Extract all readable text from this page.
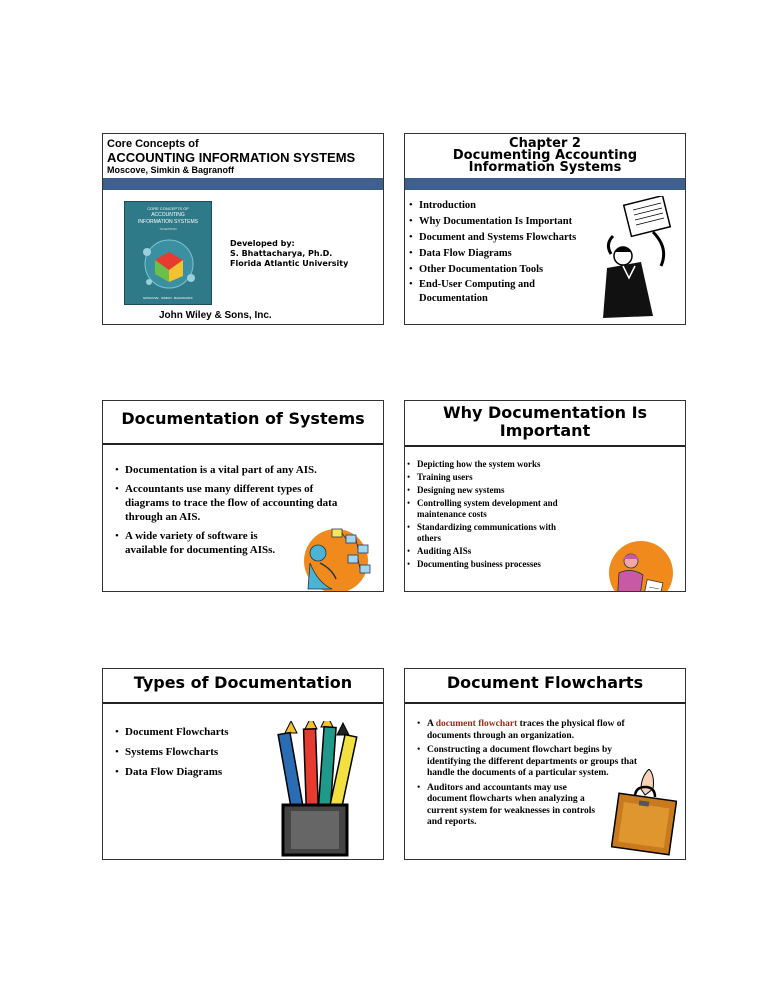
Core Concepts of
ACCOUNTING INFORMATION SYSTEMS
Moscove, Simkin & Bagranoff
CORE CONCEPTS OF
ACCOUNTING
INFORMATION SYSTEMS
7th EDITION
MOSCOVE · SIMKIN · BAGRANOFF
Developed by:
S. Bhattacharya, Ph.D.
Florida Atlantic University
John Wiley & Sons, Inc.
Chapter 2
Documenting Accounting
Information Systems
• Introduction
• Why Documentation Is Important
• Document and Systems Flowcharts
• Data Flow Diagrams
• Other Documentation Tools
• End-User Computing and Documentation
Documentation of Systems
• Documentation is a vital part of any AIS.
• Accountants use many different types of diagrams to trace the flow of accounting data through an AIS.
• A wide variety of software is available for documenting AISs.
Why Documentation Is
Important
• Depicting how the system works
• Training users
• Designing new systems
• Controlling system development and maintenance costs
• Standardizing communications with others
• Auditing AISs
• Documenting business processes
Types of Documentation
• Document Flowcharts
• Systems Flowcharts
• Data Flow Diagrams
Document Flowcharts
• A document flowchart traces the physical flow of documents through an organization.
• Constructing a document flowchart begins by identifying the different departments or groups that handle the documents of a particular system.
• Auditors and accountants may use document flowcharts when analyzing a current system for weaknesses in controls and reports.
